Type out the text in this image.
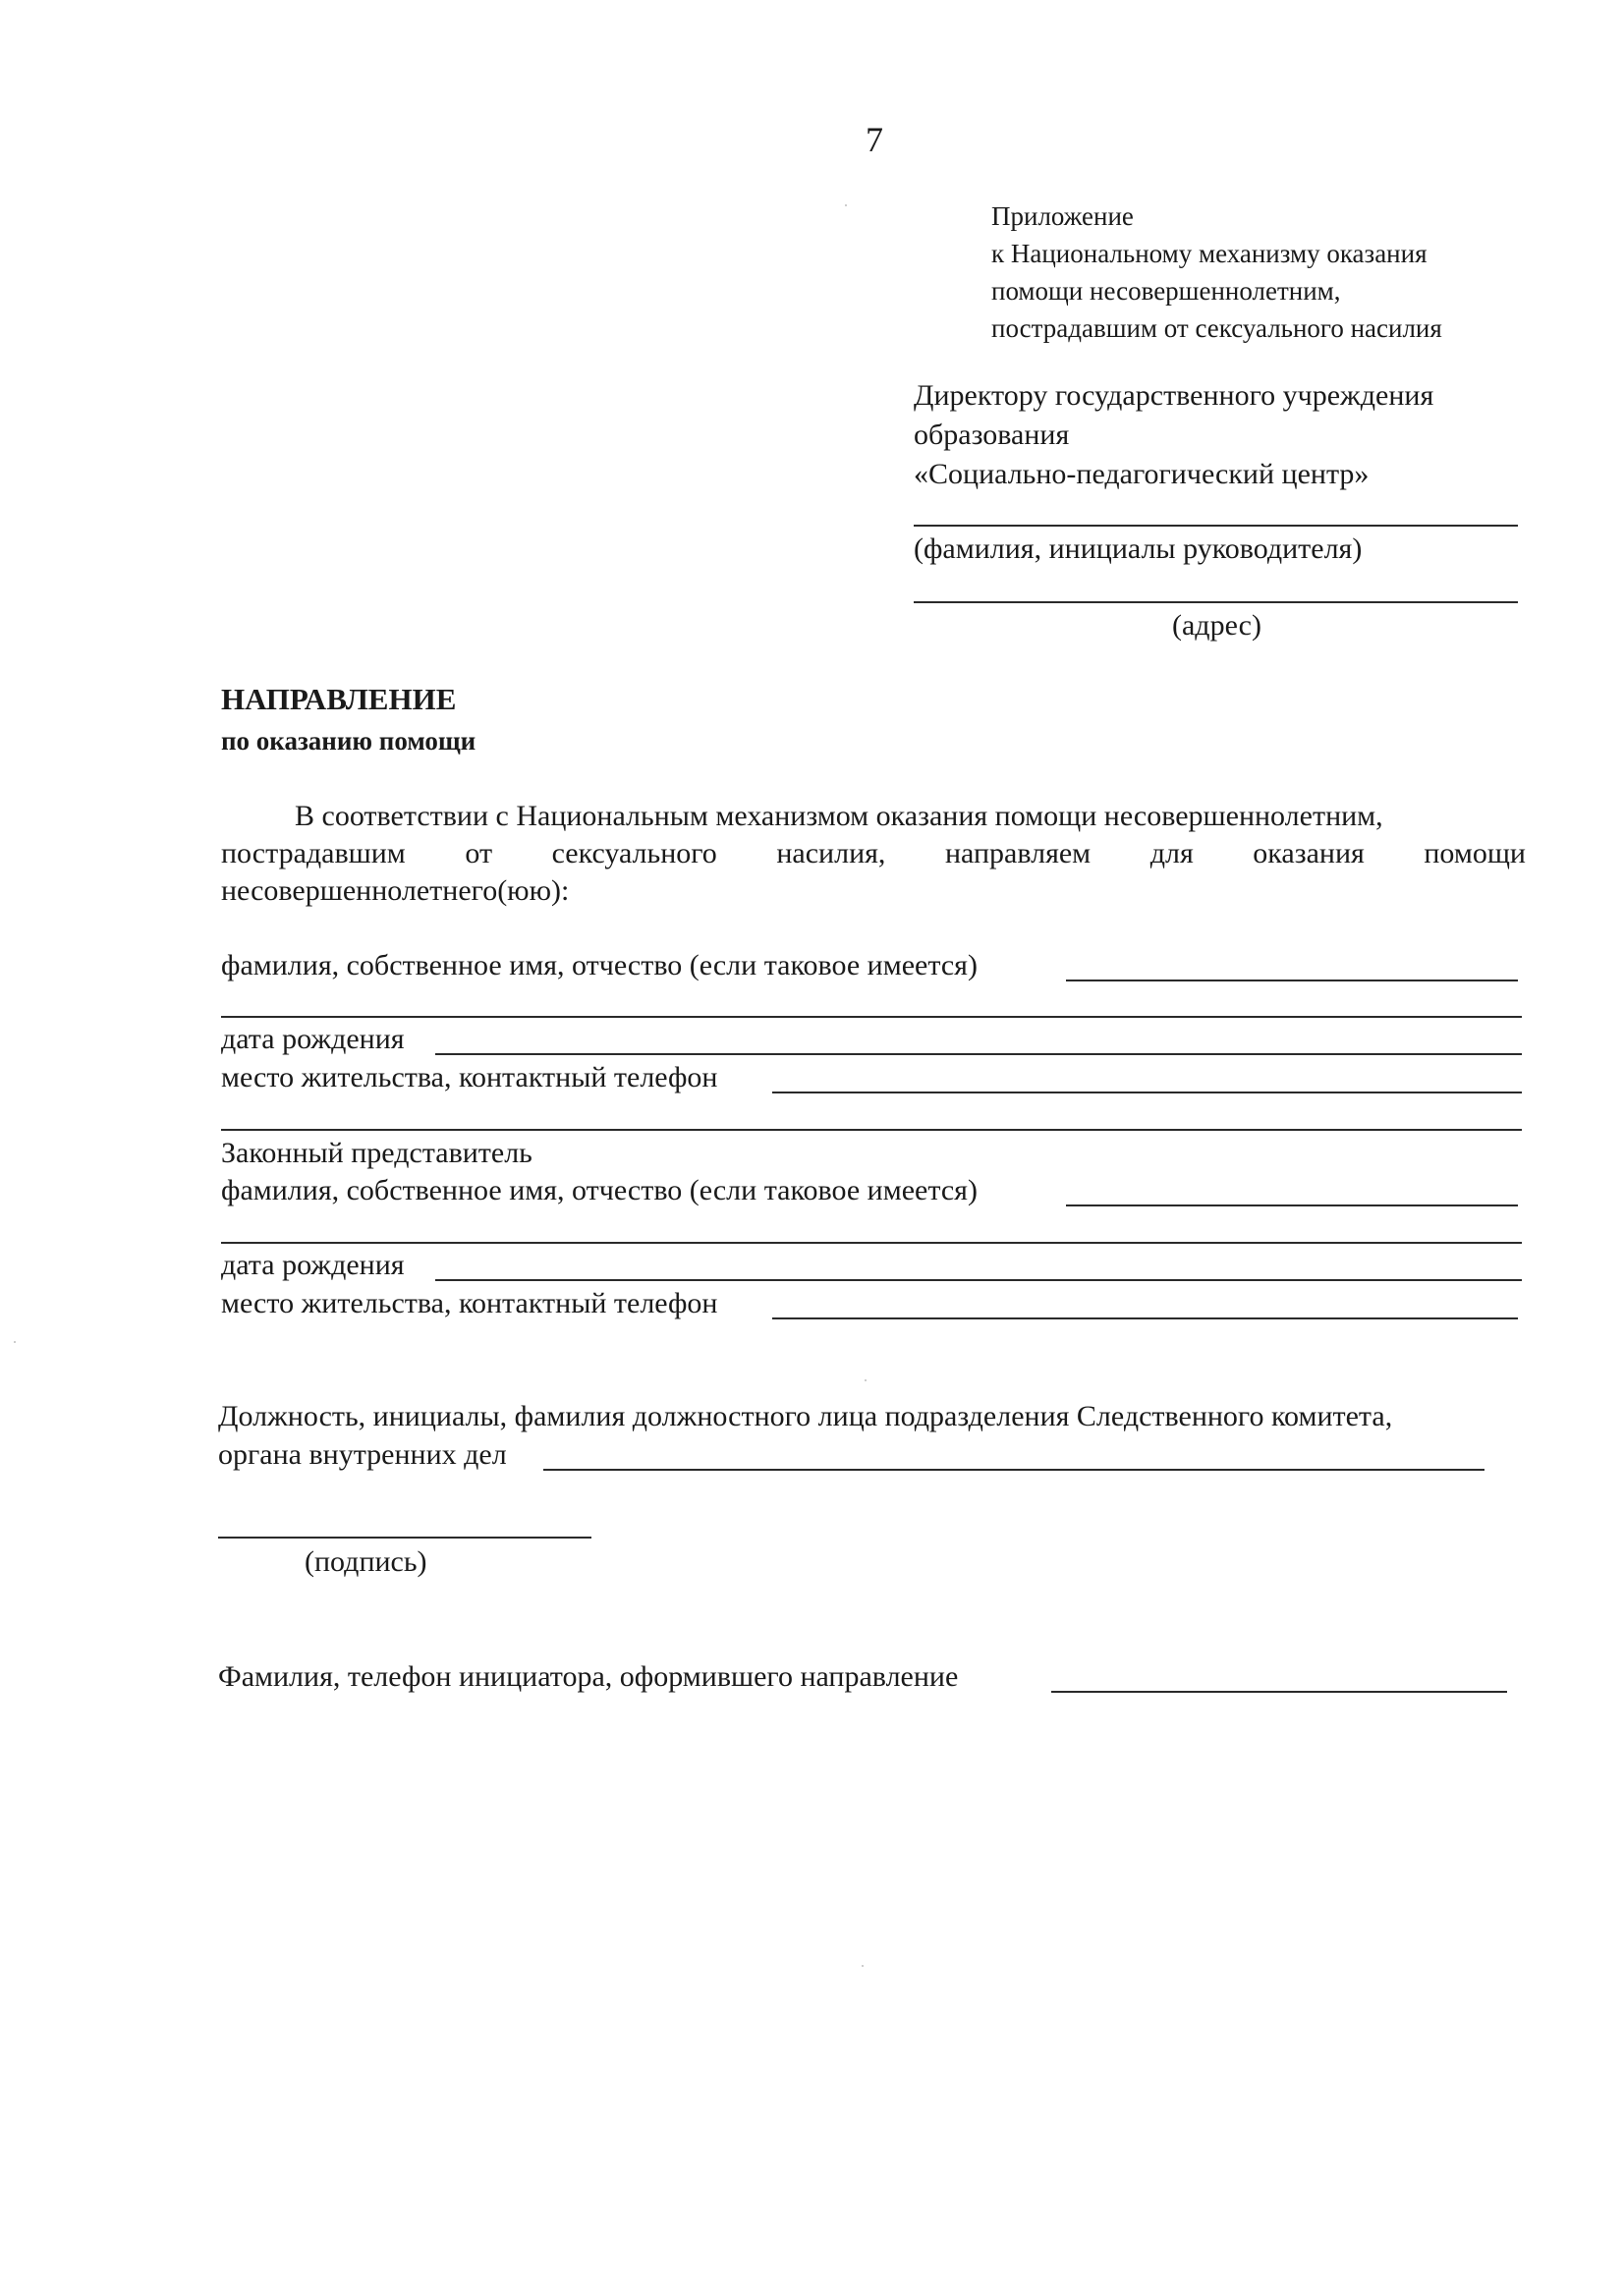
7
Приложение
к Национальному механизму оказания
помощи несовершеннолетним,
пострадавшим от сексуального насилия
Директору государственного учреждения
образования
«Социально-педагогический центр»
(фамилия, инициалы руководителя)
(адрес)
НАПРАВЛЕНИЕ
по оказанию помощи
В соответствии с Национальным механизмом оказания помощи несовершеннолетним,
пострадавшим от сексуального насилия, направляем для оказания помощи
несовершеннолетнего(юю):
фамилия, собственное имя, отчество (если таковое имеется)
дата рождения
место жительства, контактный телефон
Законный представитель
фамилия, собственное имя, отчество (если таковое имеется)
дата рождения
место жительства, контактный телефон
Должность, инициалы, фамилия должностного лица подразделения Следственного комитета,
органа внутренних дел
(подпись)
Фамилия, телефон инициатора, оформившего направление
